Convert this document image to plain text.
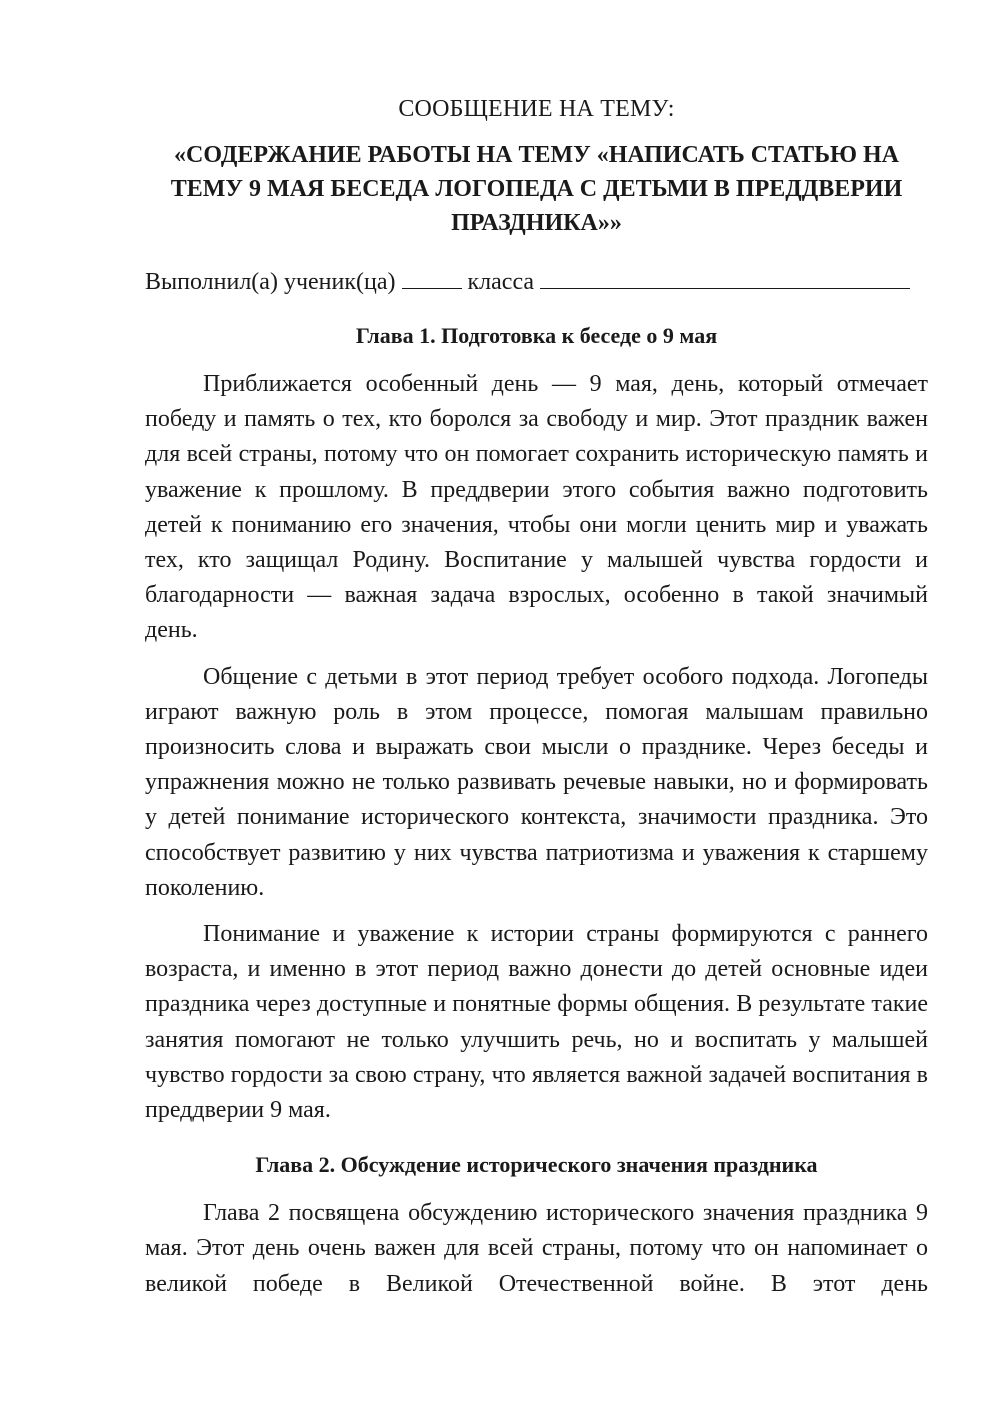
СООБЩЕНИЕ НА ТЕМУ:

«СОДЕРЖАНИЕ РАБОТЫ НА ТЕМУ «НАПИСАТЬ СТАТЬЮ НА
ТЕМУ 9 МАЯ БЕСЕДА ЛОГОПЕДА С ДЕТЬМИ В ПРЕДДВЕРИИ
ПРАЗДНИКА»»
Выполнил(а) ученик(ца)	класса
Глава 1. Подготовка к беседе о 9 мая

Приближается особенный день — 9 мая, день, который отмечает победу и память о тех, кто боролся за свободу и мир. Этот праздник важен для всей страны, потому что он помогает сохранить историческую память и уважение к прошлому. В преддверии этого события важно подготовить детей к пониманию его значения, чтобы они могли ценить мир и уважать тех, кто защищал Родину. Воспитание у малышей чувства гордости и благодарности — важная задача взрослых, особенно в такой значимый день.

Общение с детьми в этот период требует особого подхода. Логопеды играют важную роль в этом процессе, помогая малышам правильно произносить слова и выражать свои мысли о празднике. Через беседы и упражнения можно не только развивать речевые навыки, но и формировать у детей понимание исторического контекста, значимости праздника. Это способствует развитию у них чувства патриотизма и уважения к старшему поколению.

Понимание и уважение к истории страны формируются с раннего возраста, и именно в этот период важно донести до детей основные идеи праздника через доступные и понятные формы общения. В результате такие занятия помогают не только улучшить речь, но и воспитать у малышей чувство гордости за свою страну, что является важной задачей воспитания в преддверии 9 мая.

Глава 2. Обсуждение исторического значения праздника

Глава 2 посвящена обсуждению исторического значения праздника 9 мая. Этот день очень важен для всей страны, потому что он напоминает о великой победе в Великой Отечественной войне. В этот день
